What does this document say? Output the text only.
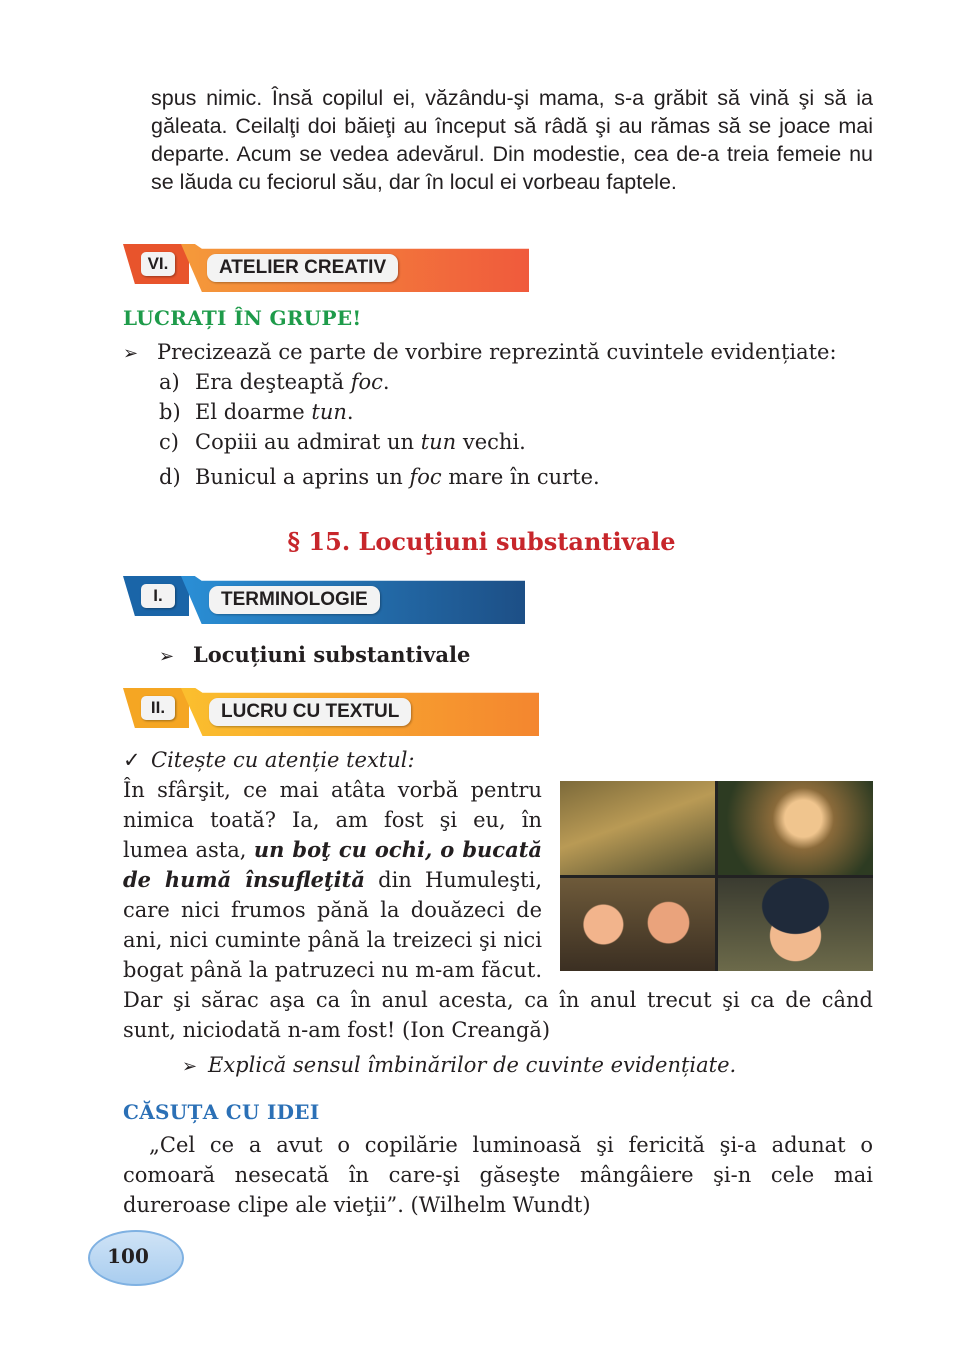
spus nimic. Însă copilul ei, văzându-şi mama, s-a grăbit să vină şi să ia găleata. Ceilalţi doi băieţi au început să râdă şi au rămas să se joace mai departe. Acum se vedea adevărul. Din modestie, cea de-a treia femeie nu se lăuda cu feciorul său, dar în locul ei vorbeau faptele.

VI.	ATELIER CREATIV

LUCRAȚI ÎN GRUPE!

➢ Precizează ce parte de vorbire reprezintă cuvintele evidențiate:

a) Era deşteaptă foc.

b) El doarme tun.

c) Copiii au admirat un tun vechi.

d) Bunicul a aprins un foc mare în curte.

§ 15. Locuţiuni substantivale
I.	TERMINOLOGIE

➢ Locuțiuni substantivale

II.	LUCRU CU TEXTUL

✓ Citește cu atenție textul:

În sfârşit, ce mai atâta vorbă pentru nimica toată? Ia, am fost şi eu, în lumea asta, un boţ cu ochi, o bucată de humă însufleţită din Humuleşti, care nici frumos pănă la douăzeci de ani, nici cuminte până la treizeci şi nici bogat până la patruzeci nu m-am făcut. Dar şi sărac aşa ca în anul acesta, ca în anul trecut şi ca de când sunt, niciodată n-am fost! (Ion Creangă)

➢ Explică sensul îmbinărilor de cuvinte evidențiate.

CĂSUȚA CU IDEI

„Cel ce a avut o copilărie luminoasă şi fericită şi-a adunat o comoară nesecată în care-şi găseşte mângâiere şi-n cele mai dureroase clipe ale vieţii”. (Wilhelm Wundt)

100
